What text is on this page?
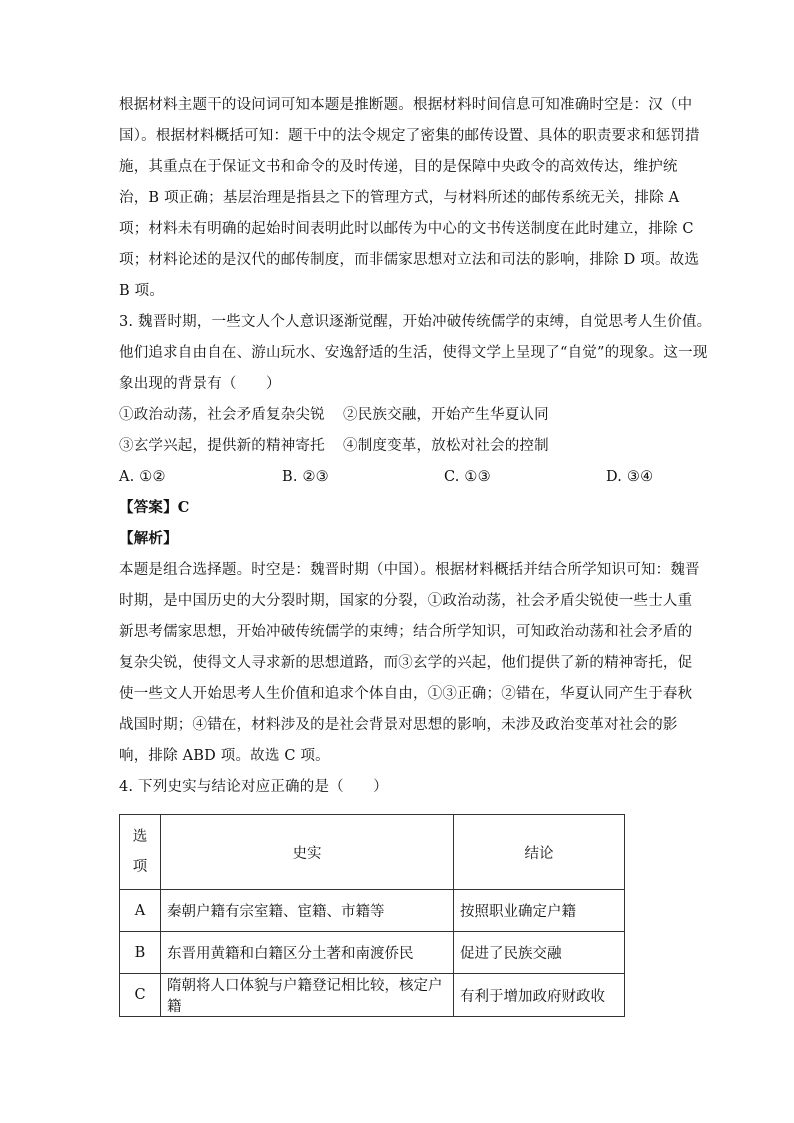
根据材料主题干的设问词可知本题是推断题。根据材料时间信息可知准确时空是：汉（中
国）。根据材料概括可知：题干中的法令规定了密集的邮传设置、具体的职责要求和惩罚措
施，其重点在于保证文书和命令的及时传递，目的是保障中央政令的高效传达，维护统
治，B 项正确；基层治理是指县之下的管理方式，与材料所述的邮传系统无关，排除 A
项；材料未有明确的起始时间表明此时以邮传为中心的文书传送制度在此时建立，排除 C
项；材料论述的是汉代的邮传制度，而非儒家思想对立法和司法的影响，排除 D 项。故选
B 项。
3. 魏晋时期，一些文人个人意识逐渐觉醒，开始冲破传统儒学的束缚，自觉思考人生价值。
他们追求自由自在、游山玩水、安逸舒适的生活，使得文学上呈现了“自觉”的现象。这一现
象出现的背景有（　　）
①政治动荡，社会矛盾复杂尖锐 ②民族交融，开始产生华夏认同
③玄学兴起，提供新的精神寄托 ④制度变革，放松对社会的控制
A. ①②	B. ②③	C. ①③	D. ③④
【答案】C
【解析】
本题是组合选择题。时空是：魏晋时期（中国）。根据材料概括并结合所学知识可知：魏晋
时期，是中国历史的大分裂时期，国家的分裂，①政治动荡，社会矛盾尖锐使一些士人重
新思考儒家思想，开始冲破传统儒学的束缚；结合所学知识，可知政治动荡和社会矛盾的
复杂尖锐，使得文人寻求新的思想道路，而③玄学的兴起，他们提供了新的精神寄托，促
使一些文人开始思考人生价值和追求个体自由，①③正确；②错在，华夏认同产生于春秋
战国时期；④错在，材料涉及的是社会背景对思想的影响，未涉及政治变革对社会的影
响，排除 ABD 项。故选 C 项。
4. 下列史实与结论对应正确的是（　　）
选
项	史实	结论
A	秦朝户籍有宗室籍、宦籍、市籍等	按照职业确定户籍
B	东晋用黄籍和白籍区分土著和南渡侨民	促进了民族交融
C	隋朝将人口体貌与户籍登记相比较，核定户籍	有利于增加政府财政收
